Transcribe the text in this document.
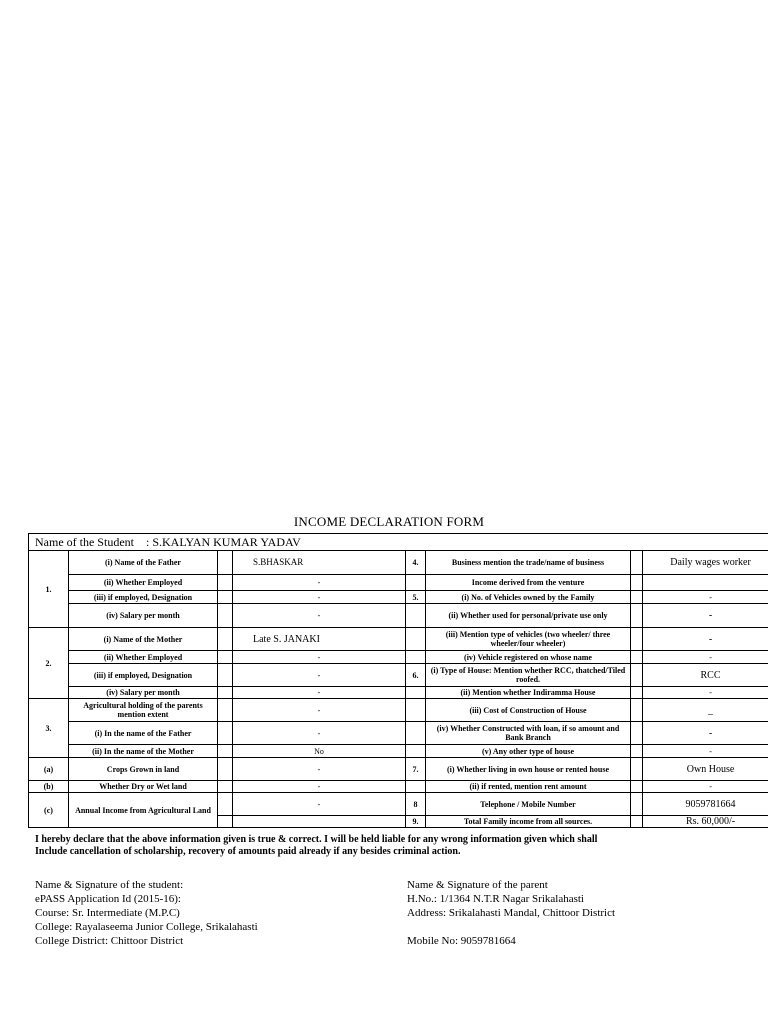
INCOME DECLARATION FORM
Name of the Student : S.KALYAN KUMAR YADAV							
1.	(i) Name of the Father		S.BHASKAR	4.	Business mention the trade/name of business		Daily wages worker
	(ii) Whether Employed		-		Income derived from the venture		
	(iii) if employed, Designation		-	5.	(i) No. of Vehicles owned by the Family		-
	(iv) Salary per month		-		(ii) Whether used for personal/private use only		-
2.	(i) Name of the Mother		Late S. JANAKI		(iii) Mention type of vehicles (two wheeler/ three wheeler/four wheeler)		-
	(ii) Whether Employed		-		(iv) Vehicle registered on whose name		-
	(iii) if employed, Designation		-	6.	(i) Type of House: Mention whether RCC, thatched/Tiled roofed.		RCC
	(iv) Salary per month		-		(ii) Mention whether Indiramma House		-
3.	Agricultural holding of the parents mention extent		-		(iii) Cost of Construction of House		_
	(i) In the name of the Father		-		(iv) Whether Constructed with loan, if so amount and Bank Branch		-
	(ii) In the name of the Mother		No		(v) Any other type of house		-
(a)	Crops Grown in land		-	7.	(i) Whether living in own house or rented house		Own House
(b)	Whether Dry or Wet land		-		(ii) if rented, mention rent amount		-
(c)	Annual Income from Agricultural Land		-	8	Telephone / Mobile Number		9059781664
				9.	Total Family income from all sources.		Rs. 60,000/-
I hereby declare that the above information given is true & correct. I will be held liable for any wrong information given which shall
Include cancellation of scholarship, recovery of amounts paid already if any besides criminal action.
Name & Signature of the student:
ePASS Application Id (2015-16):
Course: Sr. Intermediate (M.P.C)
College: Rayalaseema Junior College, Srikalahasti
College District: Chittoor District
Name & Signature of the parent
H.No.: 1/1364 N.T.R Nagar Srikalahasti
Address: Srikalahasti Mandal, Chittoor District
Mobile No: 9059781664
